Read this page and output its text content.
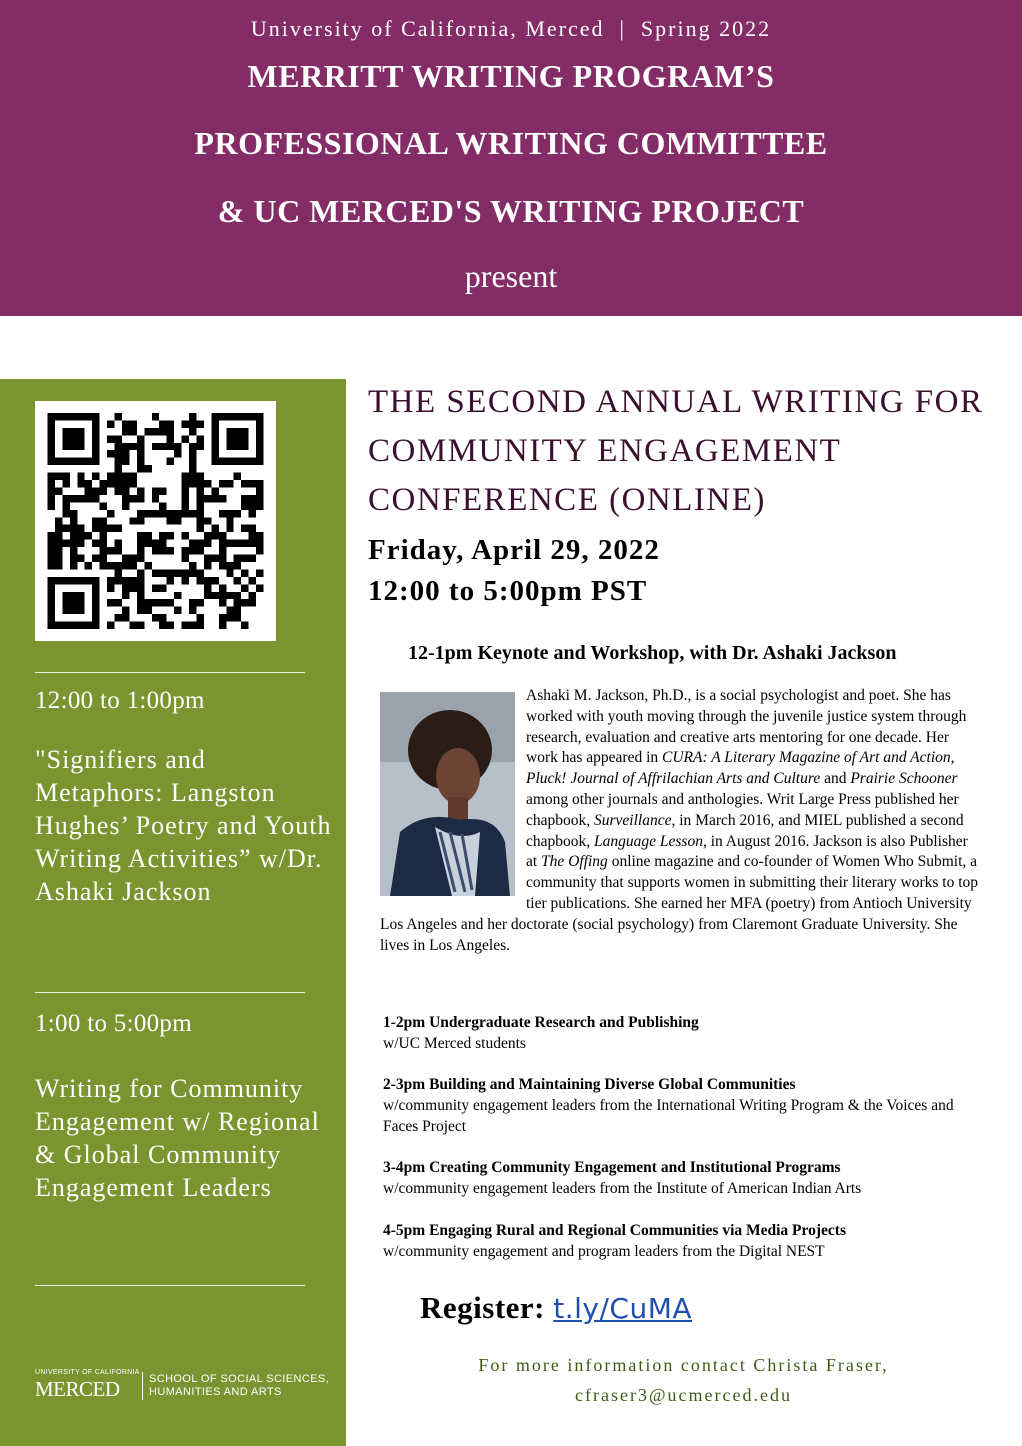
University of California, Merced  |  Spring 2022
MERRITT WRITING PROGRAM’S
PROFESSIONAL WRITING COMMITTEE
& UC MERCED'S WRITING PROJECT
present
12:00 to 1:00pm
"Signifiers and Metaphors: Langston Hughes’ Poetry and Youth Writing Activities” w/Dr. Ashaki Jackson
1:00 to 5:00pm
Writing for Community Engagement w/ Regional & Global Community Engagement Leaders
UNIVERSITY OF CALIFORNIA
MERCED	SCHOOL OF SOCIAL SCIENCES,
HUMANITIES AND ARTS
THE SECOND ANNUAL WRITING FOR COMMUNITY ENGAGEMENT CONFERENCE (ONLINE)
Friday, April 29, 2022
12:00 to 5:00pm PST
12-1pm Keynote and Workshop, with Dr. Ashaki Jackson
Ashaki M. Jackson, Ph.D., is a social psychologist and poet. She has worked with youth moving through the juvenile justice system through research, evaluation and creative arts mentoring for one decade. Her work has appeared in CURA: A Literary Magazine of Art and Action, Pluck! Journal of Affrilachian Arts and Culture and Prairie Schooner among other journals and anthologies. Writ Large Press published her chapbook, Surveillance, in March 2016, and MIEL published a second chapbook, Language Lesson, in August 2016. Jackson is also Publisher at The Offing online magazine and co-founder of Women Who Submit, a community that supports women in submitting their literary works to top tier publications. She earned her MFA (poetry) from Antioch University Los Angeles and her doctorate (social psychology) from Claremont Graduate University. She lives in Los Angeles.
1-2pm Undergraduate Research and Publishing
w/UC Merced students
2-3pm Building and Maintaining Diverse Global Communities
w/community engagement leaders from the International Writing Program & the Voices and Faces Project
3-4pm Creating Community Engagement and Institutional Programs
w/community engagement leaders from the Institute of American Indian Arts
4-5pm Engaging Rural and Regional Communities via Media Projects
w/community engagement and program leaders from the Digital NEST
Register: t.ly/CuMA
For more information contact Christa Fraser,
cfraser3@ucmerced.edu
